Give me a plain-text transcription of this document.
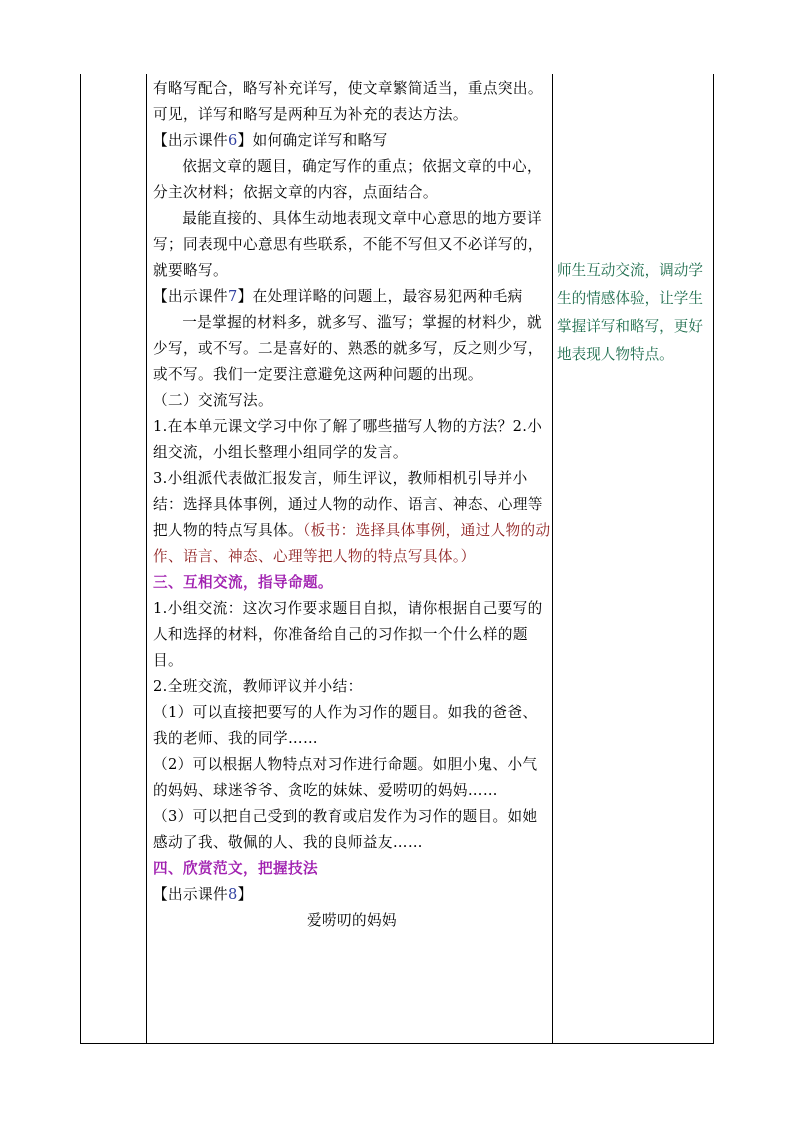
有略写配合，略写补充详写，使文章繁简适当，重点突出。可见，详写和略写是两种互为补充的表达方法。

【出示课件6】如何确定详写和略写

依据文章的题目，确定写作的重点；依据文章的中心，分主次材料；依据文章的内容，点面结合。

最能直接的、具体生动地表现文章中心意思的地方要详写；同表现中心意思有些联系，不能不写但又不必详写的，就要略写。

【出示课件7】在处理详略的问题上，最容易犯两种毛病

一是掌握的材料多，就多写、滥写；掌握的材料少，就少写，或不写。二是喜好的、熟悉的就多写，反之则少写，或不写。我们一定要注意避免这两种问题的出现。

（二）交流写法。

1.在本单元课文学习中你了解了哪些描写人物的方法？2.小组交流，小组长整理小组同学的发言。

3.小组派代表做汇报发言，师生评议，教师相机引导并小结：选择具体事例，通过人物的动作、语言、神态、心理等把人物的特点写具体。（板书：选择具体事例，通过人物的动作、语言、神态、心理等把人物的特点写具体。）

三、互相交流，指导命题。

1.小组交流：这次习作要求题目自拟，请你根据自己要写的人和选择的材料，你准备给自己的习作拟一个什么样的题目。

2.全班交流，教师评议并小结：

（1）可以直接把要写的人作为习作的题目。如我的爸爸、我的老师、我的同学……

（2）可以根据人物特点对习作进行命题。如胆小鬼、小气的妈妈、球迷爷爷、贪吃的妹妹、爱唠叨的妈妈……

（3）可以把自己受到的教育或启发作为习作的题目。如她感动了我、敬佩的人、我的良师益友……

四、欣赏范文，把握技法

【出示课件8】

爱唠叨的妈妈

师生互动交流，调动学生的情感体验，让学生掌握详写和略写，更好地表现人物特点。
